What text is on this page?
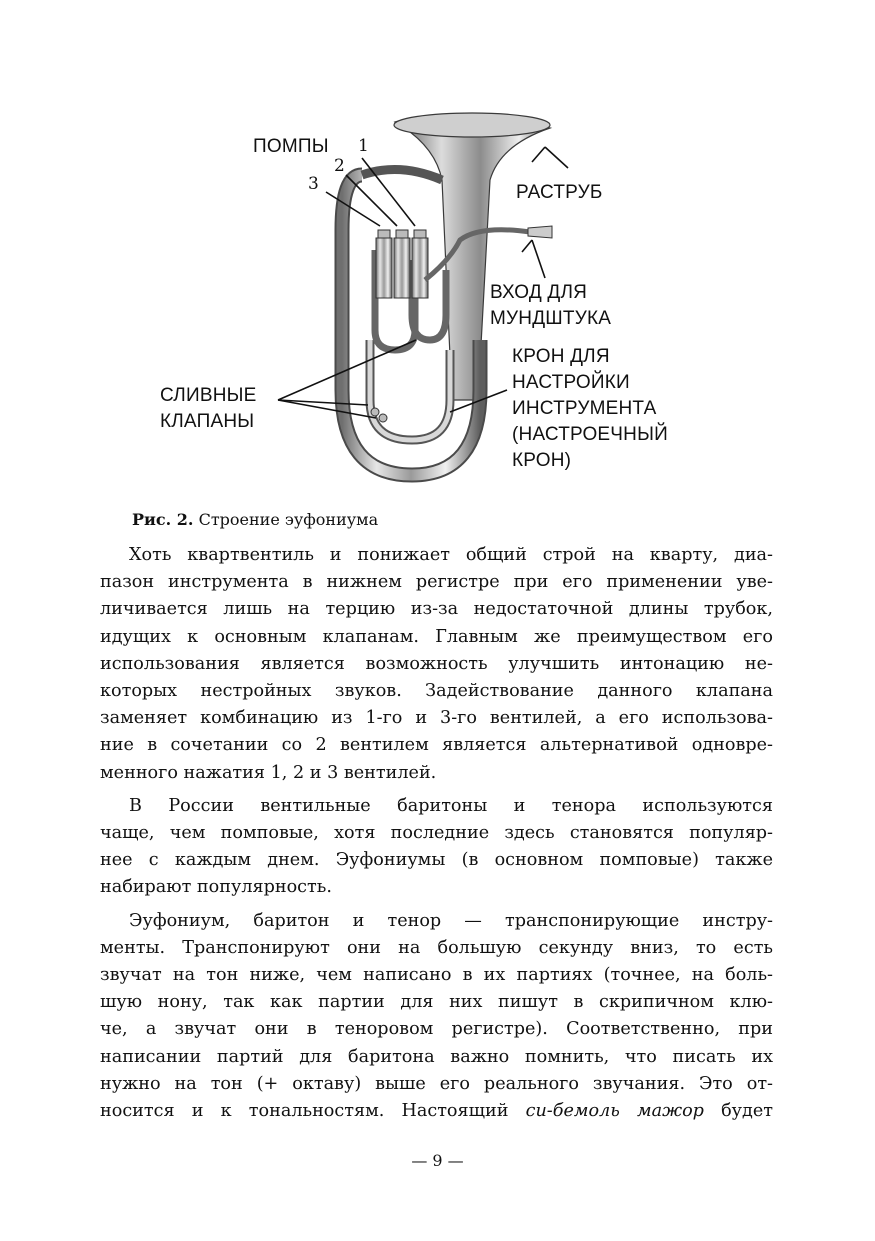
ПОМПЫ 1
2
3	РАСТРУБ
ВХОД ДЛЯ
МУНДШТУКА
КРОН ДЛЯ
НАСТРОЙКИ
ИНСТРУМЕНТА
(НАСТРОЕЧНЫЙ
КРОН)
СЛИВНЫЕ
КЛАПАНЫ
Рис. 2. Строение эуфониума
Хоть квартвентиль и понижает общий строй на кварту, диа-
пазон инструмента в нижнем регистре при его применении уве-
личивается лишь на терцию из-за недостаточной длины трубок,
идущих к основным клапанам. Главным же преимуществом его
использования является возможность улучшить интонацию не-
которых нестройных звуков. Задействование данного клапана
заменяет комбинацию из 1-го и 3-го вентилей, а его использова-
ние в сочетании со 2 вентилем является альтернативой одновре-
менного нажатия 1, 2 и 3 вентилей.
В России вентильные баритоны и тенора используются
чаще, чем помповые, хотя последние здесь становятся популяр-
нее с каждым днем. Эуфониумы (в основном помповые) также
набирают популярность.
Эуфониум, баритон и тенор — транспонирующие инстру-
менты. Транспонируют они на большую секунду вниз, то есть
звучат на тон ниже, чем написано в их партиях (точнее, на боль-
шую нону, так как партии для них пишут в скрипичном клю-
че, а звучат они в теноровом регистре). Соответственно, при
написании партий для баритона важно помнить, что писать их
нужно на тон (+ октаву) выше его реального звучания. Это от-
носится и к тональностям. Настоящий си-бемоль мажор будет
— 9 —
